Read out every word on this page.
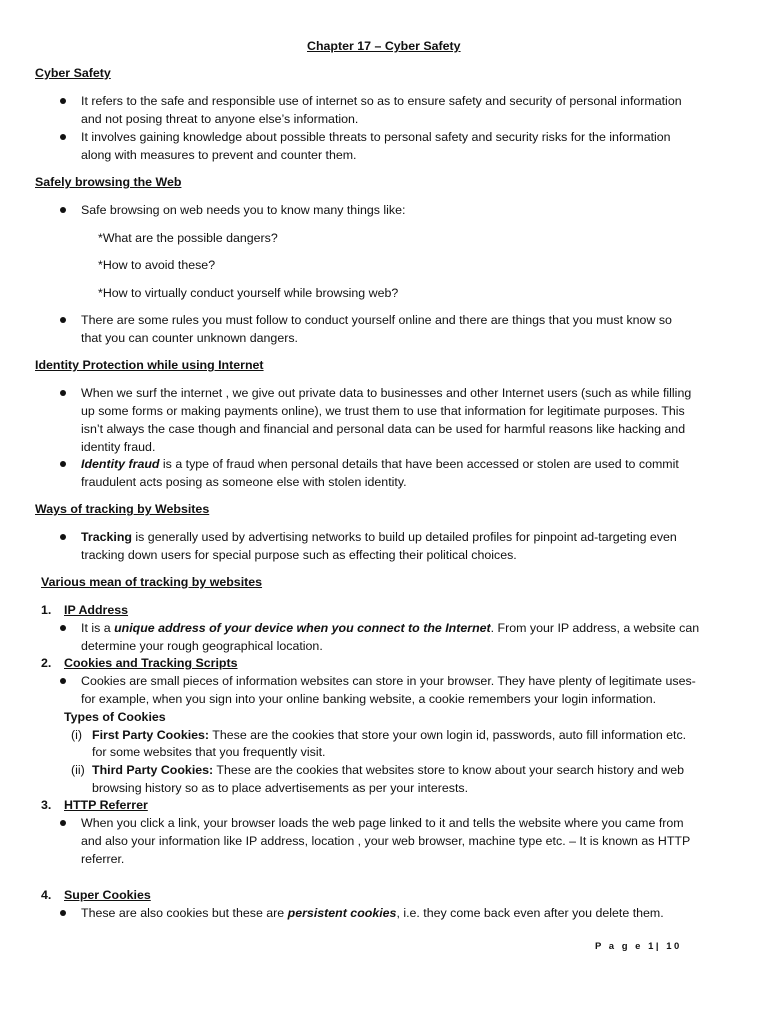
Chapter 17 – Cyber Safety
Cyber Safety
It refers to the safe and responsible use of internet so as to ensure safety and security of personal information
and not posing threat to anyone else’s information.
It involves gaining knowledge about possible threats to personal safety and security risks for the information
along with measures to prevent and counter them.
Safely browsing the Web
Safe browsing on web needs you to know many things like:
*What are the possible dangers?
*How to avoid these?
*How to virtually conduct yourself while browsing web?
There are some rules you must follow to conduct yourself online and there are things that you must know so
that you can counter unknown dangers.
Identity Protection while using Internet
When we surf the internet , we give out private data to businesses and other Internet users (such as while filling
up some forms or making payments online), we trust them to use that information for legitimate purposes. This
isn’t always the case though and financial and personal data can be used for harmful reasons like hacking and
identity fraud.
Identity fraud is a type of fraud when personal details that have been accessed or stolen are used to commit
fraudulent acts posing as someone else with stolen identity.
Ways of tracking by Websites
Tracking is generally used by advertising networks to build up detailed profiles for pinpoint ad-targeting even
tracking down users for special purpose such as effecting their political choices.
Various mean of tracking by websites
1. IP Address
It is a unique address of your device when you connect to the Internet. From your IP address, a website can
determine your rough geographical location.
2. Cookies and Tracking Scripts
Cookies are small pieces of information websites can store in your browser. They have plenty of legitimate uses-
for example, when you sign into your online banking website, a cookie remembers your login information.
Types of Cookies
(i) First Party Cookies: These are the cookies that store your own login id, passwords, auto fill information etc.
for some websites that you frequently visit.
(ii) Third Party Cookies: These are the cookies that websites store to know about your search history and web
browsing history so as to place advertisements as per your interests.
3. HTTP Referrer
When you click a link, your browser loads the web page linked to it and tells the website where you came from
and also your information like IP address, location , your web browser, machine type etc. – It is known as HTTP
referrer.
4. Super Cookies
These are also cookies but these are persistent cookies, i.e. they come back even after you delete them.
P a g e 1| 10
